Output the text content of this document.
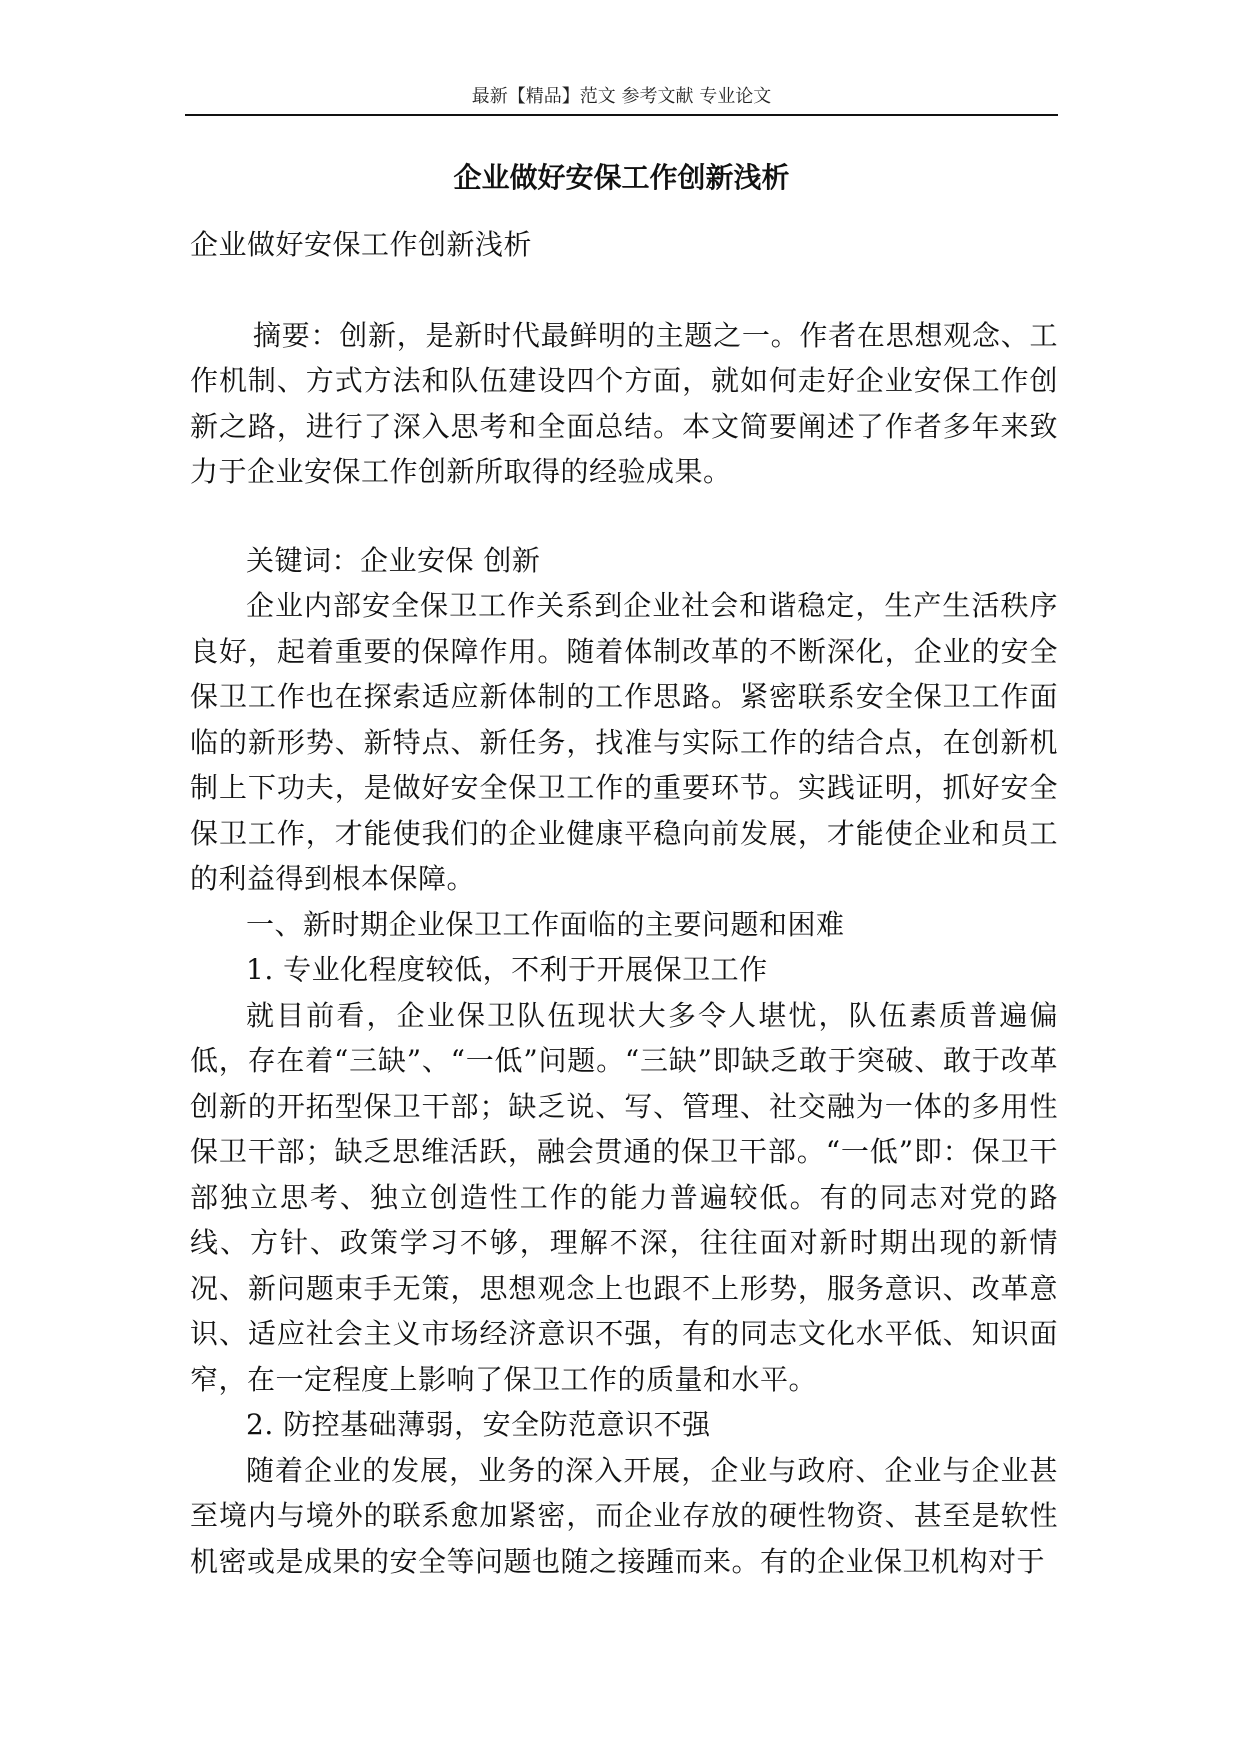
最新【精品】范文 参考文献 专业论文
企业做好安保工作创新浅析

企业做好安保工作创新浅析

摘要：创新，是新时代最鲜明的主题之一。作者在思想观念、工作机制、方式方法和队伍建设四个方面，就如何走好企业安保工作创新之路，进行了深入思考和全面总结。本文简要阐述了作者多年来致力于企业安保工作创新所取得的经验成果。

关键词：企业安保 创新

企业内部安全保卫工作关系到企业社会和谐稳定，生产生活秩序良好，起着重要的保障作用。随着体制改革的不断深化，企业的安全保卫工作也在探索适应新体制的工作思路。紧密联系安全保卫工作面临的新形势、新特点、新任务，找准与实际工作的结合点，在创新机制上下功夫，是做好安全保卫工作的重要环节。实践证明，抓好安全保卫工作，才能使我们的企业健康平稳向前发展，才能使企业和员工的利益得到根本保障。

一、新时期企业保卫工作面临的主要问题和困难

1. 专业化程度较低，不利于开展保卫工作

就目前看，企业保卫队伍现状大多令人堪忧，队伍素质普遍偏低，存在着“三缺”、“一低”问题。“三缺”即缺乏敢于突破、敢于改革创新的开拓型保卫干部；缺乏说、写、管理、社交融为一体的多用性保卫干部；缺乏思维活跃，融会贯通的保卫干部。“一低”即：保卫干部独立思考、独立创造性工作的能力普遍较低。有的同志对党的路线、方针、政策学习不够，理解不深，往往面对新时期出现的新情况、新问题束手无策，思想观念上也跟不上形势，服务意识、改革意识、适应社会主义市场经济意识不强，有的同志文化水平低、知识面窄，在一定程度上影响了保卫工作的质量和水平。

2. 防控基础薄弱，安全防范意识不强

随着企业的发展，业务的深入开展，企业与政府、企业与企业甚至境内与境外的联系愈加紧密，而企业存放的硬性物资、甚至是软性机密或是成果的安全等问题也随之接踵而来。有的企业保卫机构对于
